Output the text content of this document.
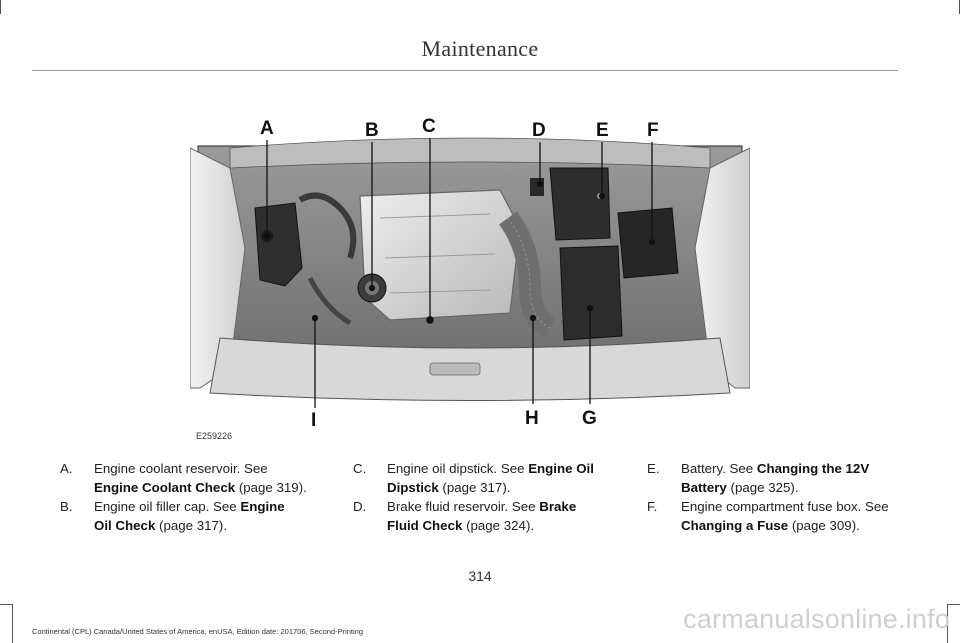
Maintenance
A	B C	D	E F
I	H G
E259226
A. Engine coolant reservoir. See Engine Coolant Check (page 319).
B. Engine oil filler cap. See Engine Oil Check (page 317).
C. Engine oil dipstick. See Engine Oil Dipstick (page 317).
D. Brake fluid reservoir. See Brake Fluid Check (page 324).
E. Battery. See Changing the 12V Battery (page 325).
F. Engine compartment fuse box. See Changing a Fuse (page 309).
314
Continental (CPL) Canada/United States of America, enUSA, Edition date: 201706, Second-Printing	carmanualsonline.info
